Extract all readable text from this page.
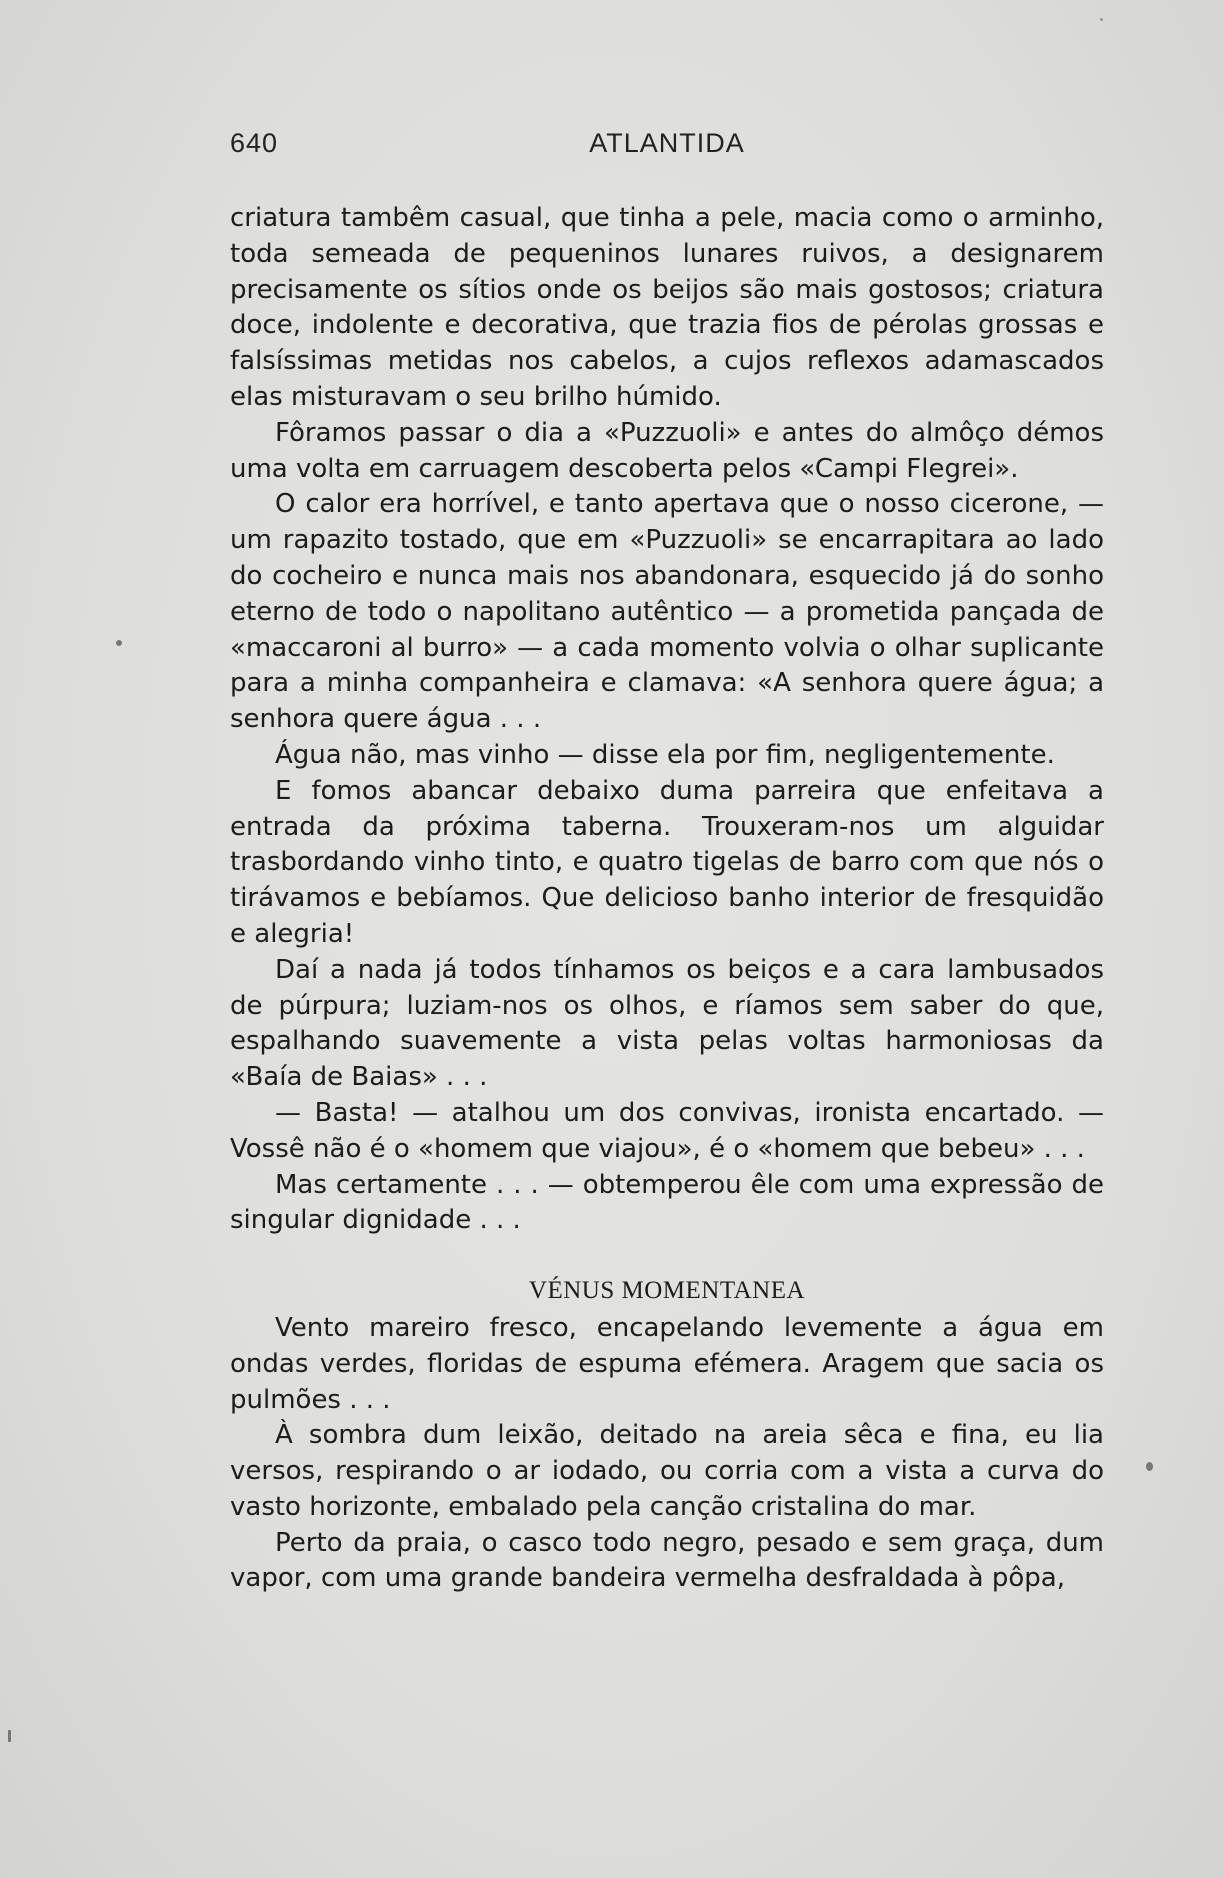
640	ATLANTIDA

criatura tambêm casual, que tinha a pele, macia como o arminho, toda semeada de pequeninos lunares ruivos, a designarem precisamente os sítios onde os beijos são mais gostosos; criatura doce, indolente e decorativa, que trazia fios de pérolas grossas e falsíssimas metidas nos cabelos, a cujos reflexos adamascados elas misturavam o seu brilho húmido.

Fôramos passar o dia a «Puzzuoli» e antes do almôço démos uma volta em carruagem descoberta pelos «Campi Flegrei».

O calor era horrível, e tanto apertava que o nosso cicerone, — um rapazito tostado, que em «Puzzuoli» se encarrapitara ao lado do cocheiro e nunca mais nos abandonara, esquecido já do sonho eterno de todo o napolitano autêntico — a prometida pançada de «maccaroni al burro» — a cada momento volvia o olhar suplicante para a minha companheira e clamava: «A senhora quere água; a senhora quere água . . .

Água não, mas vinho — disse ela por fim, negligentemente.

E fomos abancar debaixo duma parreira que enfeitava a entrada da próxima taberna. Trouxeram-nos um alguidar trasbordando vinho tinto, e quatro tigelas de barro com que nós o tirávamos e bebíamos. Que delicioso banho interior de fresquidão e alegria!

Daí a nada já todos tínhamos os beiços e a cara lambusados de púrpura; luziam-nos os olhos, e ríamos sem saber do que, espalhando suavemente a vista pelas voltas harmoniosas da «Baía de Baias» . . .

— Basta! — atalhou um dos convivas, ironista encartado. — Vossê não é o «homem que viajou», é o «homem que bebeu» . . .

Mas certamente . . . — obtemperou êle com uma expressão de singular dignidade . . .

VÉNUS MOMENTANEA

Vento mareiro fresco, encapelando levemente a água em ondas verdes, floridas de espuma efémera. Aragem que sacia os pulmões . . .

À sombra dum leixão, deitado na areia sêca e fina, eu lia versos, respirando o ar iodado, ou corria com a vista a curva do vasto horizonte, embalado pela canção cristalina do mar.

Perto da praia, o casco todo negro, pesado e sem graça, dum vapor, com uma grande bandeira vermelha desfraldada à pôpa,
